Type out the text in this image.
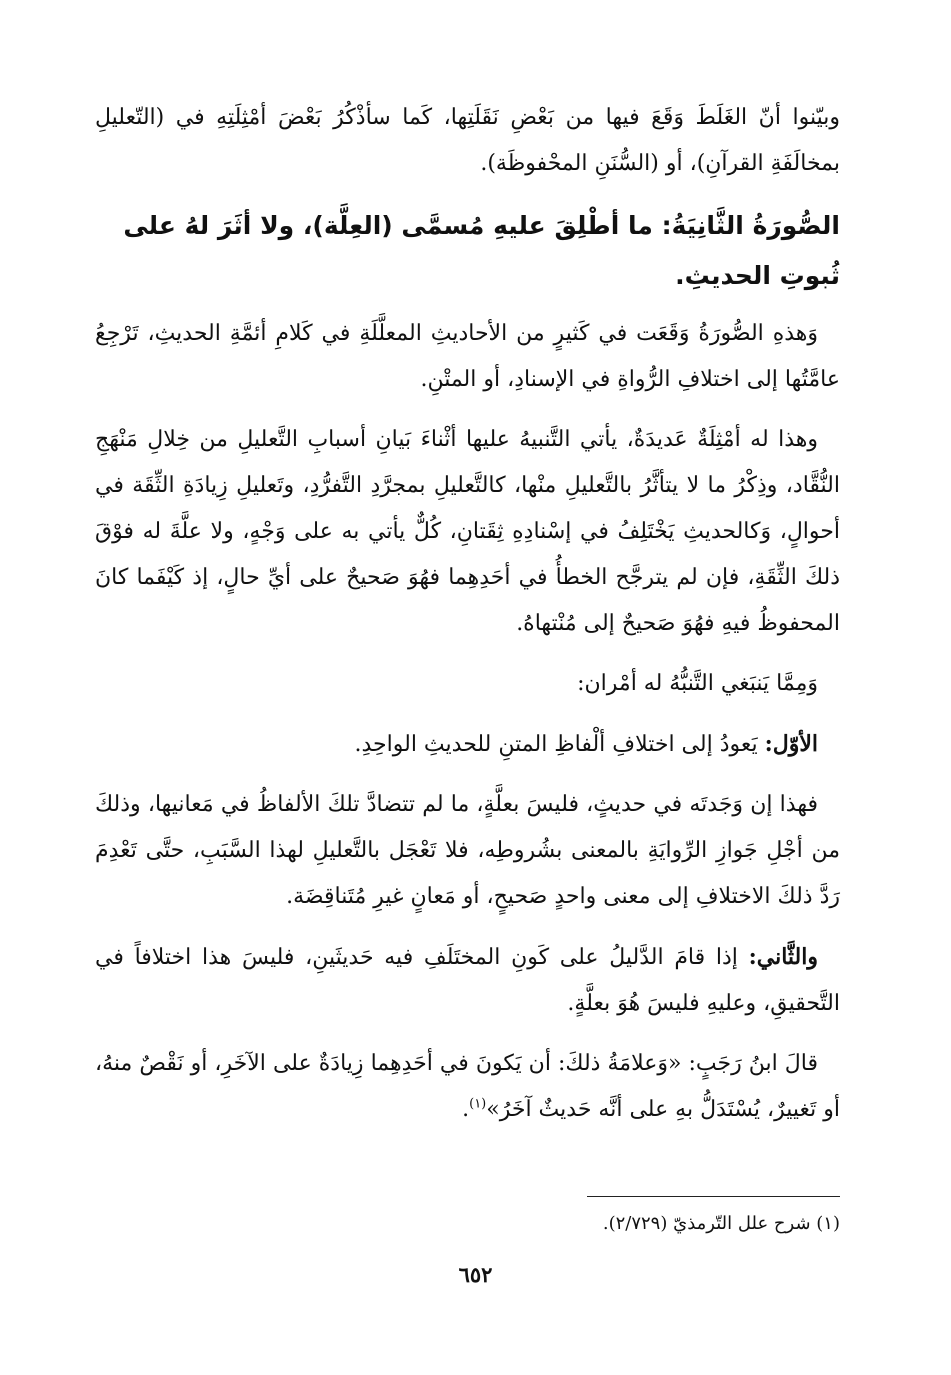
وبيّنوا أنّ الغَلَطَ وَقَعَ فيها من بَعْضِ نَقَلَتِها، كَما سأذْكُرُ بَعْضَ أمْثِلَتِهِ في (التّعليلِ بمخالَفَةِ القرآنِ)، أو (السُّنَنِ المحْفوظَة).

الصُّورَةُ الثَّانِيَةُ: ما أطْلِقَ عليهِ مُسمَّى (العِلَّة)، ولا أثَرَ لهُ على ثُبوتِ الحديثِ.

وَهذهِ الصُّورَةُ وَقَعَت في كَثيرٍ من الأحاديثِ المعلَّلَةِ في كَلامِ أئمَّةِ الحديثِ، تَرْجِعُ عامَّتُها إلى اختلافِ الرُّواةِ في الإسنادِ، أو المتْنِ.

وهذا له أمْثِلَةٌ عَديدَةٌ، يأتي التَّنبيهُ عليها أثْناءَ بَيانِ أسبابِ التَّعليلِ من خِلالِ مَنْهَجِ النُّقَّاد، وذِكْرُ ما لا يتأثَّرُ بالتَّعليلِ منْها، كالتَّعليلِ بمجرَّدِ التَّفرُّدِ، وتَعليلِ زِيادَةِ الثِّقَة في أحوالٍ، وَكالحديثِ يَخْتَلِفُ في إسْنادِهِ ثِقَتانِ، كُلٌّ يأتي به على وَجْهٍ، ولا علَّةَ له فوْقَ ذلكَ الثِّقَةِ، فإن لم يترجَّح الخطأُ في أحَدِهِما فهُوَ صَحيحٌ على أيِّ حالٍ، إذ كَيْفَما كانَ المحفوظُ فيهِ فهُوَ صَحيحٌ إلى مُنْتهاهُ.

وَمِمَّا يَنبَغي التَّنبُّهُ له أمْران:

الأوّل: يَعودُ إلى اختلافِ ألْفاظِ المتنِ للحديثِ الواحِدِ.

فهذا إن وَجَدتَه في حديثٍ، فليسَ بعلَّةٍ، ما لم تتضادَّ تلكَ الألفاظُ في مَعانيها، وذلكَ من أجْلِ جَوازِ الرِّوايَةِ بالمعنى بشُروطِه، فلا تَعْجَل بالتَّعليلِ لهذا السَّبَبِ، حتَّى تَعْدِمَ رَدَّ ذلكَ الاختلافِ إلى معنى واحدٍ صَحيحٍ، أو مَعانٍ غيرِ مُتَناقِضَة.

والثَّاني: إذا قامَ الدَّليلُ على كَونِ المختَلَفِ فيه حَديثَينِ، فليسَ هذا اختلافاً في التَّحقيقِ، وعليهِ فليسَ هُوَ بعلَّةٍ.

قالَ ابنُ رَجَبٍ: «وَعلامَةُ ذلكَ: أن يَكونَ في أحَدِهِما زِيادَةٌ على الآخَرِ، أو نَقْصٌ منهُ، أو تَغييرٌ، يُسْتَدَلُّ بهِ على أنَّه حَديثٌ آخَرُ»$^{(١)}$.

(١) شرح علل التّرمذيّ (٢/٧٢٩).
٦٥٢
